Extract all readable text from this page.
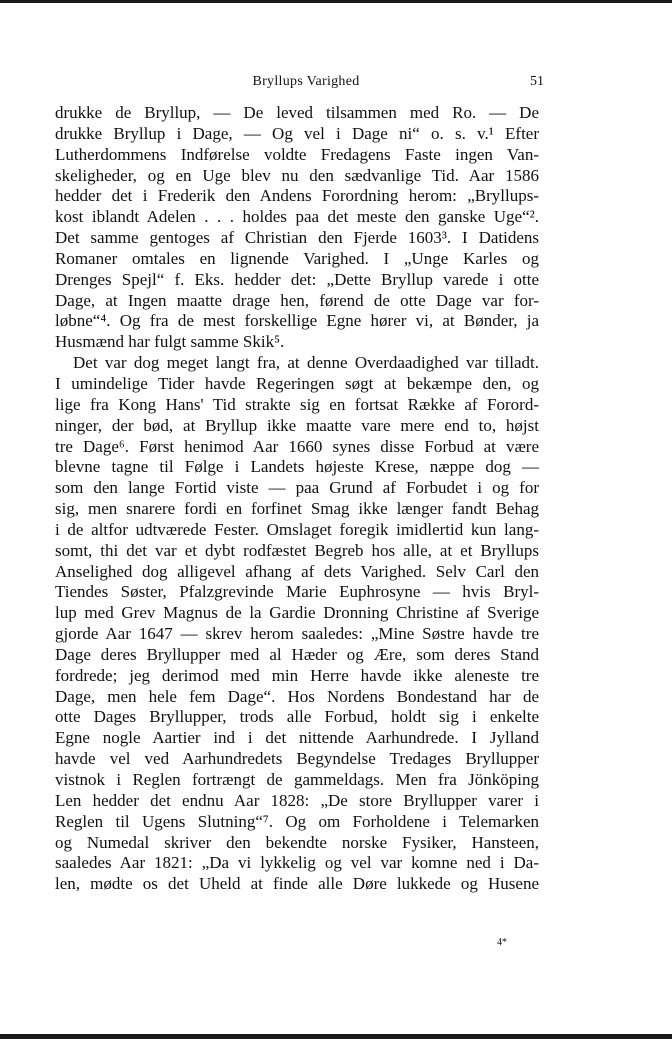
Bryllups Varighed	51
drukke de Bryllup, — De leved tilsammen med Ro. — De
drukke Bryllup i Dage, — Og vel i Dage ni“ o. s. v.¹ Efter
Lutherdommens Indførelse voldte Fredagens Faste ingen Van-
skeligheder, og en Uge blev nu den sædvanlige Tid. Aar 1586
hedder det i Frederik den Andens Forordning herom: „Bryllups-
kost iblandt Adelen . . . holdes paa det meste den ganske Uge“².
Det samme gentoges af Christian den Fjerde 1603³. I Datidens
Romaner omtales en lignende Varighed. I „Unge Karles og
Drenges Spejl“ f. Eks. hedder det: „Dette Bryllup varede i otte
Dage, at Ingen maatte drage hen, førend de otte Dage var for-
løbne“⁴. Og fra de mest forskellige Egne hører vi, at Bønder, ja
Husmænd har fulgt samme Skik⁵.
Det var dog meget langt fra, at denne Overdaadighed var tilladt.
I umindelige Tider havde Regeringen søgt at bekæmpe den, og
lige fra Kong Hans' Tid strakte sig en fortsat Række af Forord-
ninger, der bød, at Bryllup ikke maatte vare mere end to, højst
tre Dage⁶. Først henimod Aar 1660 synes disse Forbud at være
blevne tagne til Følge i Landets højeste Krese, næppe dog —
som den lange Fortid viste — paa Grund af Forbudet i og for
sig, men snarere fordi en forfinet Smag ikke længer fandt Behag
i de altfor udtværede Fester. Omslaget foregik imidlertid kun lang-
somt, thi det var et dybt rodfæstet Begreb hos alle, at et Bryllups
Anselighed dog alligevel afhang af dets Varighed. Selv Carl den
Tiendes Søster, Pfalzgrevinde Marie Euphrosyne — hvis Bryl-
lup med Grev Magnus de la Gardie Dronning Christine af Sverige
gjorde Aar 1647 — skrev herom saaledes: „Mine Søstre havde tre
Dage deres Bryllupper med al Hæder og Ære, som deres Stand
fordrede; jeg derimod med min Herre havde ikke aleneste tre
Dage, men hele fem Dage“. Hos Nordens Bondestand har de
otte Dages Bryllupper, trods alle Forbud, holdt sig i enkelte
Egne nogle Aartier ind i det nittende Aarhundrede. I Jylland
havde vel ved Aarhundredets Begyndelse Tredages Bryllupper
vistnok i Reglen fortrængt de gammeldags. Men fra Jönköping
Len hedder det endnu Aar 1828: „De store Bryllupper varer i
Reglen til Ugens Slutning“⁷. Og om Forholdene i Telemarken
og Numedal skriver den bekendte norske Fysiker, Hansteen,
saaledes Aar 1821: „Da vi lykkelig og vel var komne ned i Da-
len, mødte os det Uheld at finde alle Døre lukkede og Husene
4*
